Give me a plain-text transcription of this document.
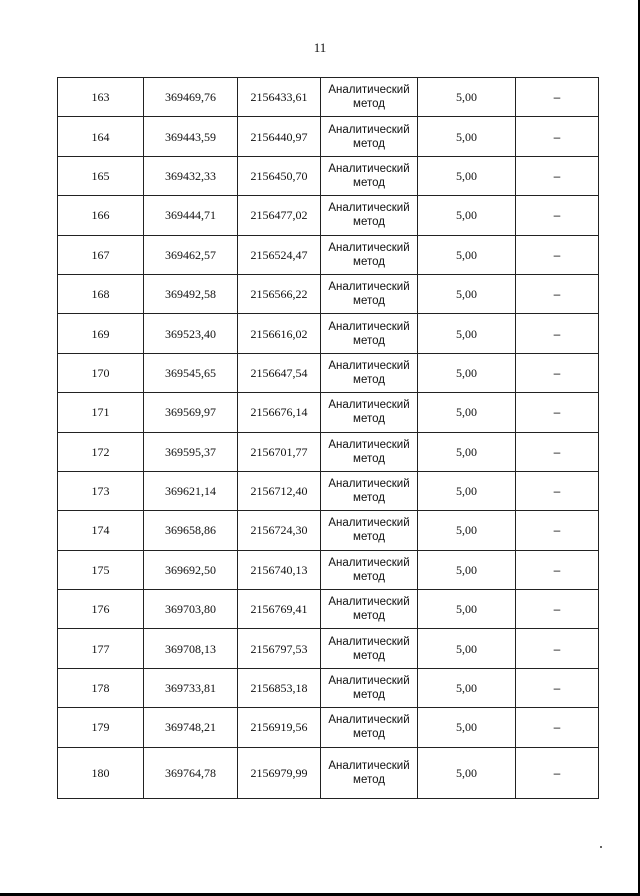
11
163	369469,76	2156433,61	Аналитический
метод	5,00	–
164	369443,59	2156440,97	Аналитический
метод	5,00	–
165	369432,33	2156450,70	Аналитический
метод	5,00	–
166	369444,71	2156477,02	Аналитический
метод	5,00	–
167	369462,57	2156524,47	Аналитический
метод	5,00	–
168	369492,58	2156566,22	Аналитический
метод	5,00	–
169	369523,40	2156616,02	Аналитический
метод	5,00	–
170	369545,65	2156647,54	Аналитический
метод	5,00	–
171	369569,97	2156676,14	Аналитический
метод	5,00	–
172	369595,37	2156701,77	Аналитический
метод	5,00	–
173	369621,14	2156712,40	Аналитический
метод	5,00	–
174	369658,86	2156724,30	Аналитический
метод	5,00	–
175	369692,50	2156740,13	Аналитический
метод	5,00	–
176	369703,80	2156769,41	Аналитический
метод	5,00	–
177	369708,13	2156797,53	Аналитический
метод	5,00	–
178	369733,81	2156853,18	Аналитический
метод	5,00	–
179	369748,21	2156919,56	Аналитический
метод	5,00	–
180	369764,78	2156979,99	Аналитический
метод	5,00	–
